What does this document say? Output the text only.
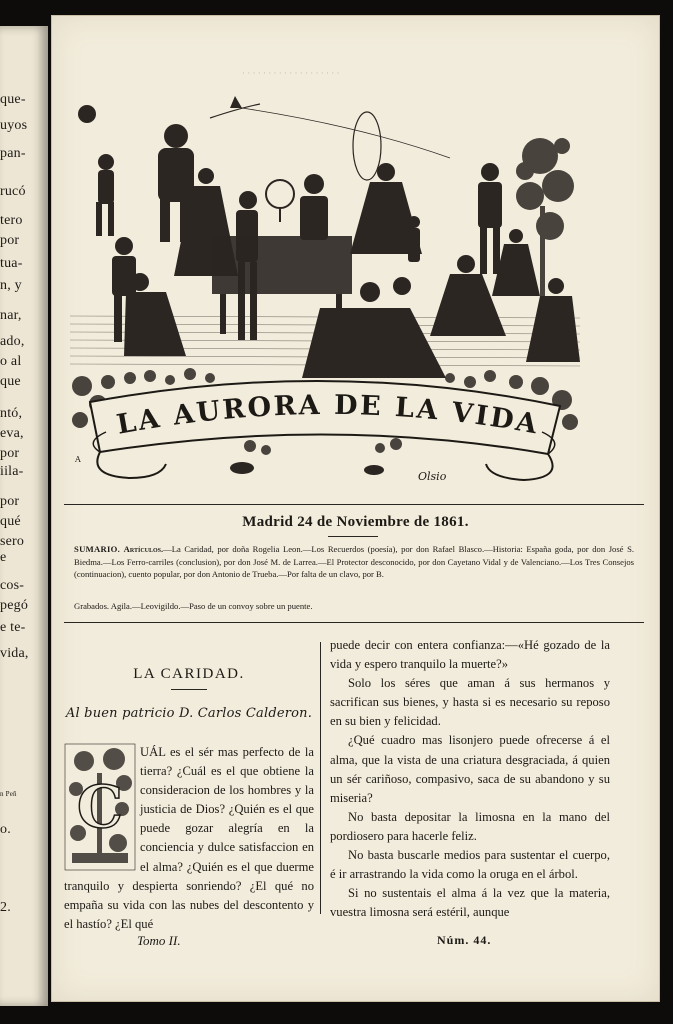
que-
uyos
pan-
rucó
tero
por
tua-
n, y
nar,
ado,
o al
que
ntó,
eva,
por
iila-
por
qué
sero
e
cos-
pegó
e te-
vida,
n Peñ
o.
2.
· · · · · · · · · · · · · · · · · · ·
LA AURORA DE LA VIDA
A
Olsio
Madrid 24 de Noviembre de 1861.
SUMARIO. Artículos.—La Caridad, por doña Rogelia Leon.—Los Recuerdos (poesía), por don Rafael Blasco.—Historia: España goda, por don José S. Biedma.—Los Ferro-carriles (conclusion), por don José M. de Larrea.—El Protector desconocido, por don Cayetano Vidal y de Valenciano.—Los Tres Consejos (continuacion), cuento popular, por don Antonio de Trueba.—Por falta de un clavo, por B.
Grabados. Agila.—Leovigildo.—Paso de un convoy sobre un puente.
LA CARIDAD.
Al buen patricio D. Carlos Calderon.
C
UÁL es el sér mas perfecto de la tierra? ¿Cuál es el que obtiene la consideracion de los hombres y la justicia de Dios? ¿Quién es el que puede gozar alegría en la conciencia y dulce satisfaccion en el alma? ¿Quién es el que duerme tranquilo y despierta sonriendo? ¿El qué no empaña su vida con las nubes del descontento y el hastío? ¿El qué

puede decir con entera confianza:—«Hé gozado de la vida y espero tranquilo la muerte?»

Solo los séres que aman á sus hermanos y sacrifican sus bienes, y hasta si es necesario su reposo en su bien y felicidad.

¿Qué cuadro mas lisonjero puede ofrecerse á el alma, que la vista de una criatura desgraciada, á quien un sér cariñoso, compasivo, saca de su abandono y su miseria?

No basta depositar la limosna en la mano del pordiosero para hacerle feliz.

No basta buscarle medios para sustentar el cuerpo, é ir arrastrando la vida como la oruga en el árbol.

Si no sustentais el alma á la vez que la materia, vuestra limosna será estéril, aunque

Tomo II.	Núm. 44.
